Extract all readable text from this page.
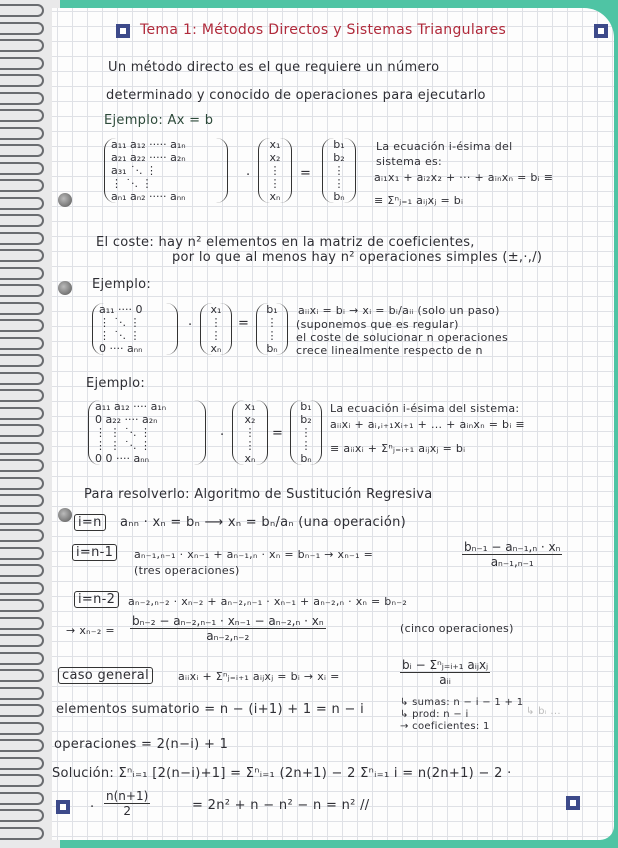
Tema 1: Métodos Directos y Sistemas Triangulares
Un método directo es el que requiere un número
determinado y conocido de operaciones para ejecutarlo
Ejemplo: Ax = b
a₁₁ a₁₂ ····· a₁ₙ
a₂₁ a₂₂ ····· a₂ₙ
a₃₁ ˙·. ⋮
⋮ ˙·. ⋮
aₙ₁ aₙ₂ ····· aₙₙ
·
x₁
x₂
⋮
⋮
xₙ
=
b₁
b₂
⋮
⋮
bₙ
La ecuación i-ésima del
sistema es:
aᵢ₁x₁ + aᵢ₂x₂ + ··· + aᵢₙxₙ = bᵢ ≡
≡ Σⁿⱼ₌₁ aᵢⱼxⱼ = bᵢ
El coste: hay n² elementos en la matriz de coeficientes,
por lo que al menos hay n² operaciones simples (±,·,/)
Ejemplo:
a₁₁ ···· 0
⋮ ˙·. ⋮
⋮ ˙·. ⋮
0 ···· aₙₙ
·
x₁
⋮
⋮
xₙ
=
b₁
⋮
⋮
bₙ
aᵢᵢxᵢ = bᵢ → xᵢ = bᵢ/aᵢᵢ (solo un paso)
(suponemos que es regular)
el coste de solucionar n operaciones
crece linealmente respecto de n
Ejemplo:
a₁₁ a₁₂ ···· a₁ₙ
0 a₂₂ ···· a₂ₙ
⋮ ⋮ ˙·. ⋮
⋮ ⋮ ˙·. ⋮
0 0 ···· aₙₙ
·
x₁
x₂
⋮
⋮
xₙ
=
b₁
b₂
⋮
⋮
bₙ
La ecuación i-ésima del sistema:
aᵢᵢxᵢ + aᵢ,ᵢ₊₁xᵢ₊₁ + ... + aᵢₙxₙ = bᵢ ≡
≡ aᵢᵢxᵢ + Σⁿⱼ₌ᵢ₊₁ aᵢⱼxⱼ = bᵢ
Para resolverlo: Algoritmo de Sustitución Regresiva
i=n	aₙₙ · xₙ = bₙ ⟶ xₙ = bₙ/aₙ (una operación)
i=n-1	aₙ₋₁,ₙ₋₁ · xₙ₋₁ + aₙ₋₁,ₙ · xₙ = bₙ₋₁ → xₙ₋₁ =	$\frac{\text{bₙ₋₁ − aₙ₋₁,ₙ · xₙ}}{\text{aₙ₋₁,ₙ₋₁}}$
(tres operaciones)
i=n-2	aₙ₋₂,ₙ₋₂ · xₙ₋₂ + aₙ₋₂,ₙ₋₁ · xₙ₋₁ + aₙ₋₂,ₙ · xₙ = bₙ₋₂
→ $x_{n-2} = \frac{\text{bₙ₋₂ − aₙ₋₂,ₙ₋₁ · xₙ₋₁ − aₙ₋₂,ₙ · xₙ}}{\text{aₙ₋₂,ₙ₋₂}}$	(cinco operaciones)
caso general	aᵢᵢxᵢ + Σⁿⱼ₌ᵢ₊₁ aᵢⱼxⱼ = bᵢ → xᵢ =
bᵢ − Σⁿⱼ₌ᵢ₊₁ aᵢⱼxⱼ
aᵢᵢ
elementos sumatorio = n − (i+1) + 1 = n − i	↳ sumas: n − i − 1 + 1
↳ prod: n − i
→ coeficientes: 1
↳ bᵢ ...
operaciones = 2(n−i) + 1
Solución: Σⁿᵢ₌₁ [2(n−i)+1] = Σⁿᵢ₌₁ (2n+1) − 2 Σⁿᵢ₌₁ i = n(2n+1) − 2 ·
· $\frac{n(n+1)}{2}$	= 2n² + n − n² − n = n² //
